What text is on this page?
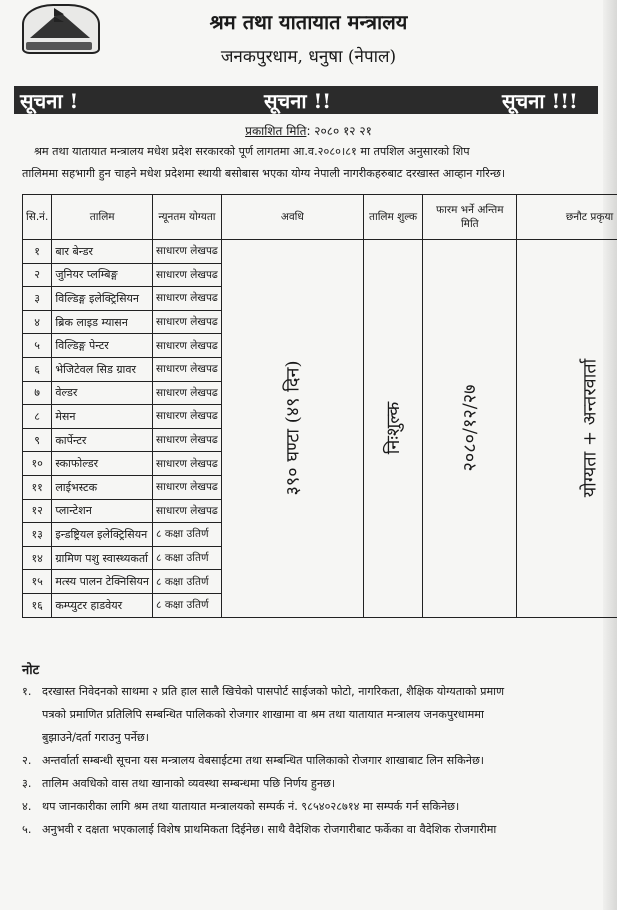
श्रम तथा यातायात मन्त्रालय
जनकपुरधाम, धनुषा (नेपाल)
सूचना !	सूचना !!	सूचना !!!
प्रकाशित मिति: २०८० १२ २१
श्रम तथा यातायात मन्त्रालय मधेश प्रदेश सरकारको पूर्ण लागतमा आ.व.२०८०।८१ मा तपशिल अनुसारको शिप
तालिममा सहभागी हुन चाहने मधेश प्रदेशमा स्थायी बसोबास भएका योग्य नेपाली नागरीकहरुबाट दरखास्त आव्हान गरिन्छ।
सि.नं.	तालिम	न्यूनतम योग्यता	अवधि	तालिम शुल्क	फारम भर्ने अन्तिम मिति	छनौट प्रकृया
१	बार बेन्डर	साधारण लेखपढ	३९० घण्टा (४९ दिन)	निःशुल्क	२०८०/१२/२७	योग्यता + अन्तरवार्ता
२	जुनियर प्लम्बिङ्ग	साधारण लेखपढ				
३	विल्डिङ्ग इलेक्ट्रिसियन	साधारण लेखपढ				
४	ब्रिक लाइड म्यासन	साधारण लेखपढ				
५	विल्डिङ्ग पेन्टर	साधारण लेखपढ				
६	भेजिटेवल सिड ग्रावर	साधारण लेखपढ				
७	वेल्डर	साधारण लेखपढ				
८	मेसन	साधारण लेखपढ				
९	कार्पेन्टर	साधारण लेखपढ				
१०	स्काफोल्डर	साधारण लेखपढ				
११	लाईभस्टक	साधारण लेखपढ				
१२	प्लान्टेशन	साधारण लेखपढ				
१३	इन्डष्ट्रियल इलेक्ट्रिसियन	८ कक्षा उतिर्ण				
१४	ग्रामिण पशु स्वास्थ्यकर्ता	८ कक्षा उतिर्ण				
१५	मत्स्य पालन टेक्निसियन	८ कक्षा उतिर्ण				
१६	कम्प्युटर हाडवेयर	८ कक्षा उतिर्ण				
नोट
१. दरखास्त निवेदनको साथमा २ प्रति हाल सालै खिचेको पासपोर्ट साईजको फोटो, नागरिकता, शैक्षिक योग्यताको प्रमाण
पत्रको प्रमाणित प्रतिलिपि सम्बन्धित पालिकको रोजगार शाखामा वा श्रम तथा यातायात मन्त्रालय जनकपुरधाममा
बुझाउने/दर्ता गराउनु पर्नेछ।
२. अन्तर्वार्ता सम्बन्धी सूचना यस मन्त्रालय वेबसाईटमा तथा सम्बन्धित पालिकाको रोजगार शाखाबाट लिन सकिनेछ।
३. तालिम अवधिको वास तथा खानाको व्यवस्था सम्बन्धमा पछि निर्णय हुनछ।
४. थप जानकारीका लागि श्रम तथा यातायात मन्त्रालयको सम्पर्क नं. ९८५४०२८७१४ मा सम्पर्क गर्न सकिनेछ।
५. अनुभवी र दक्षता भएकालाई विशेष प्राथमिकता दिईनेछ। साथै वैदेशिक रोजगारीबाट फर्केका वा वैदेशिक रोजगारीमा
